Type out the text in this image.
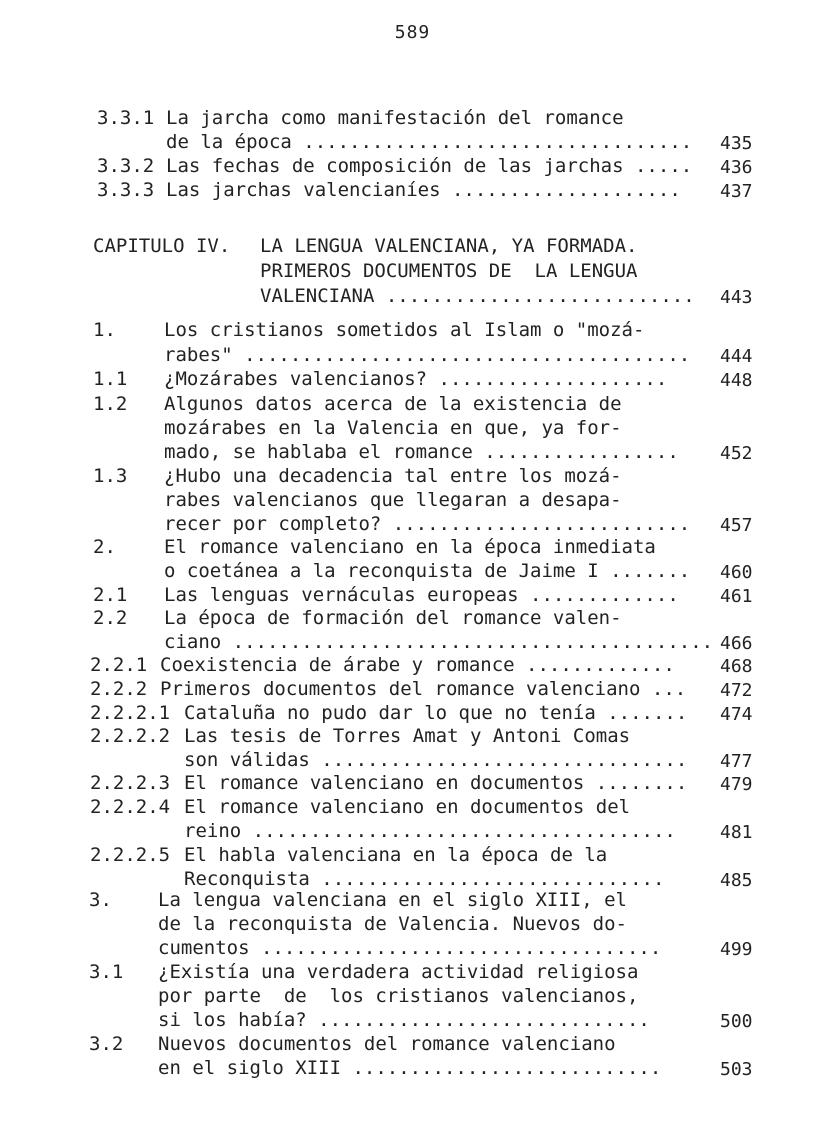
589
3.3.1 La jarcha como manifestación del romance
de la época .................................. 435
3.3.2 Las fechas de composición de las jarchas ..... 436
3.3.3 Las jarchas valencianíes .................... 437
CAPITULO IV. LA LENGUA VALENCIANA, YA FORMADA.
PRIMEROS DOCUMENTOS DE  LA LENGUA
VALENCIANA ........................... 443
1.	Los cristianos sometidos al Islam o "mozá-
rabes" ....................................... 444
1.1 ¿Mozárabes valencianos? ....................	448
1.2 Algunos datos acerca de la existencia de
mozárabes en la Valencia en que, ya for-
mado, se hablaba el romance ................. 452
1.3 ¿Hubo una decadencia tal entre los mozá-
rabes valencianos que llegaran a desapa-
recer por completo? .......................... 457
2.	El romance valenciano en la época inmediata
o coetánea a la reconquista de Jaime I ....... 460
2.1 Las lenguas vernáculas europeas ............. 461
2.2 La época de formación del romance valen-
ciano .......................................... 466
2.2.1 Coexistencia de árabe y romance .............	468
2.2.2 Primeros documentos del romance valenciano ... 472
2.2.2.1 Cataluña no pudo dar lo que no tenía ....... 474
2.2.2.2 Las tesis de Torres Amat y Antoni Comas
son válidas ................................ 477
2.2.2.3 El romance valenciano en documentos ........ 479
2.2.2.4 El romance valenciano en documentos del
reino ..................................... 481
2.2.2.5 El habla valenciana en la época de la
Reconquista ..............................	485
3. La lengua valenciana en el siglo XIII, el
de la reconquista de Valencia. Nuevos do-
cumentos ...................................	499
3.1 ¿Existía una verdadera actividad religiosa
por parte  de  los cristianos valencianos,
si los había? .............................	500
3.2 Nuevos documentos del romance valenciano
en el siglo XIII ...........................	503
